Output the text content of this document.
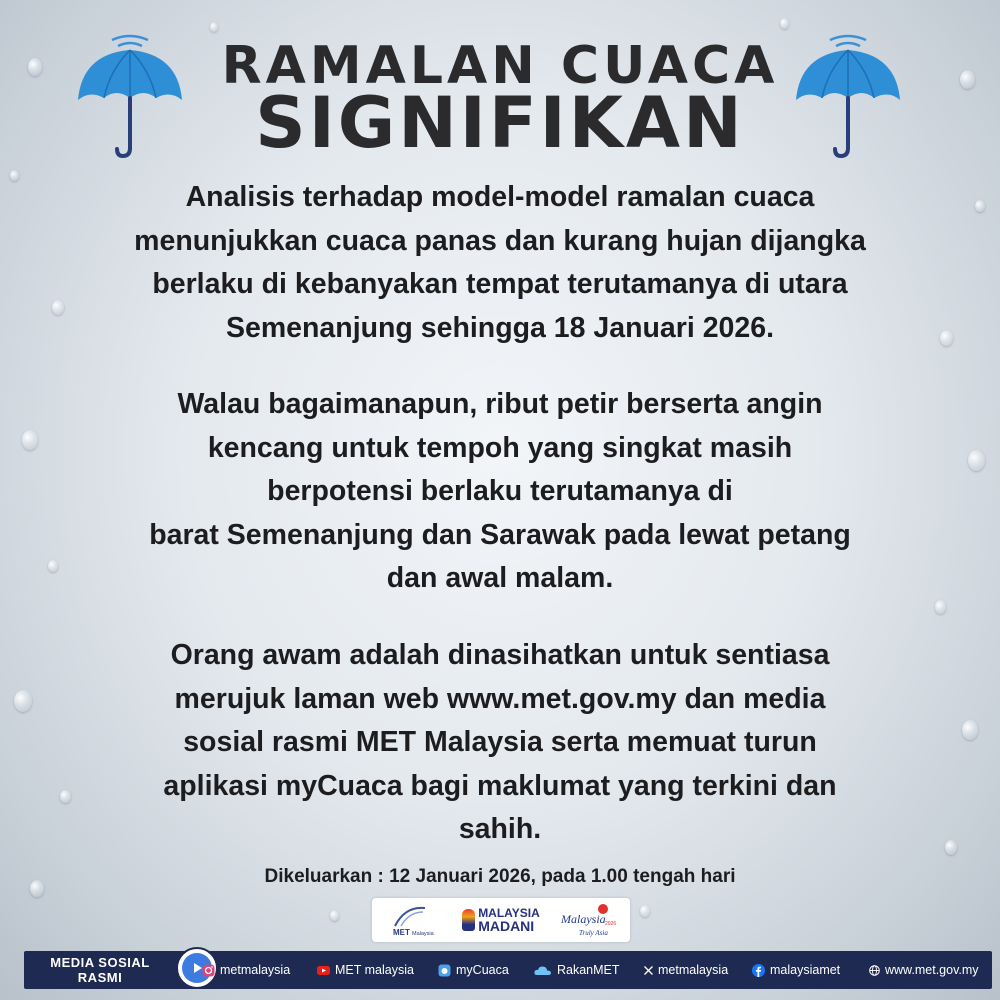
RAMALAN CUACA
SIGNIFIKAN
Analisis terhadap model-model ramalan cuaca
menunjukkan cuaca panas dan kurang hujan dijangka
berlaku di kebanyakan tempat terutamanya di utara
Semenanjung sehingga 18 Januari 2026.
Walau bagaimanapun, ribut petir berserta angin
kencang untuk tempoh yang singkat masih
berpotensi berlaku terutamanya di
barat Semenanjung dan Sarawak pada lewat petang
dan awal malam.
Orang awam adalah dinasihatkan untuk sentiasa
merujuk laman web www.met.gov.my dan media
sosial rasmi MET Malaysia serta memuat turun
aplikasi myCuaca bagi maklumat yang terkini dan
sahih.
Dikeluarkan : 12 Januari 2026, pada 1.00 tengah hari
MET Malaysia
MALAYSIA
MADANI	Malaysia 2026
Truly Asia
MEDIA SOSIAL
RASMI	metmalaysia	MET malaysia	myCuaca	RakanMET	metmalaysia	malaysiamet	www.met.gov.my
